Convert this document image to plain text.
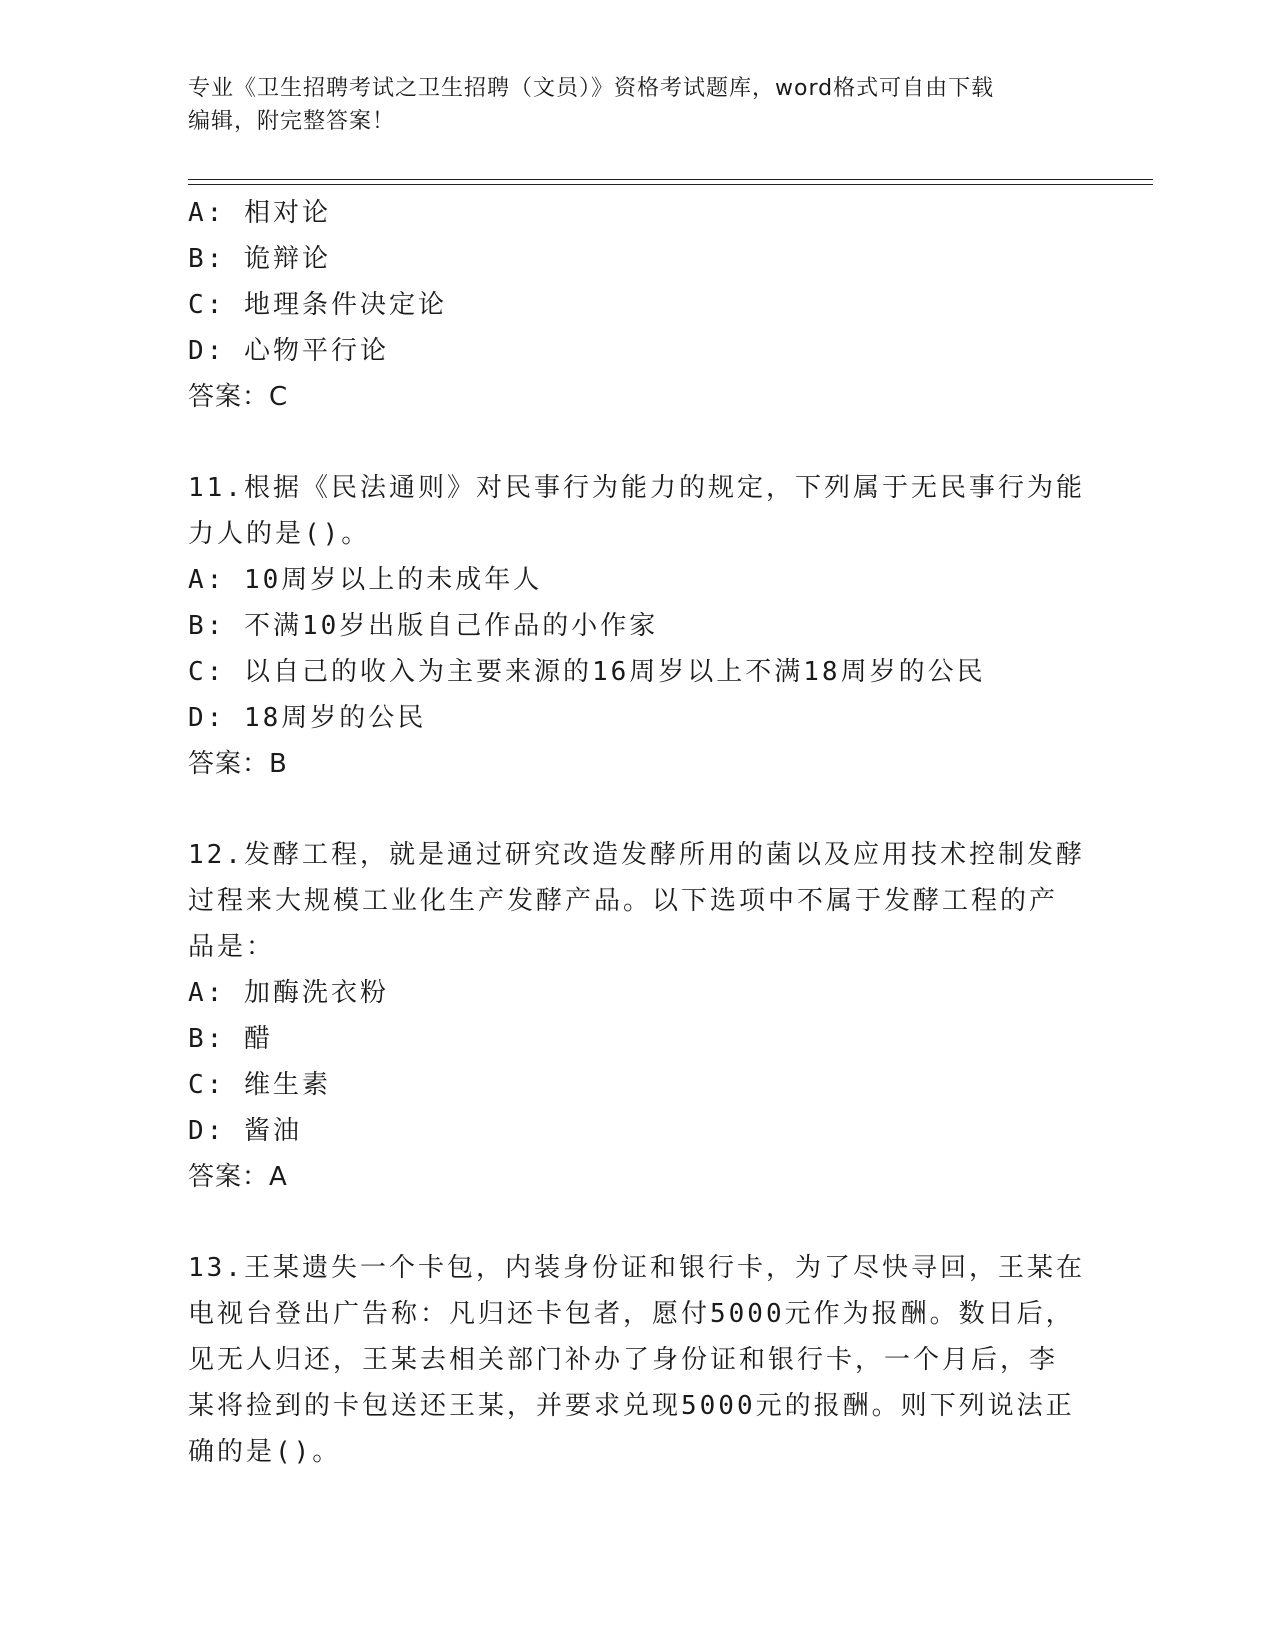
专业《卫生招聘考试之卫生招聘（文员）》资格考试题库，word格式可自由下载
编辑，附完整答案！
A: 相对论
B: 诡辩论
C: 地理条件决定论
D: 心物平行论
答案：C
11.根据《民法通则》对民事行为能力的规定，下列属于无民事行为能
力人的是()。
A: 10周岁以上的未成年人
B: 不满10岁出版自己作品的小作家
C: 以自己的收入为主要来源的16周岁以上不满18周岁的公民
D: 18周岁的公民
答案：B
12.发酵工程，就是通过研究改造发酵所用的菌以及应用技术控制发酵
过程来大规模工业化生产发酵产品。以下选项中不属于发酵工程的产
品是：
A: 加酶洗衣粉
B: 醋
C: 维生素
D: 酱油
答案：A
13.王某遗失一个卡包，内装身份证和银行卡，为了尽快寻回，王某在
电视台登出广告称：凡归还卡包者，愿付5000元作为报酬。数日后，
见无人归还，王某去相关部门补办了身份证和银行卡，一个月后，李
某将捡到的卡包送还王某，并要求兑现5000元的报酬。则下列说法正
确的是()。
